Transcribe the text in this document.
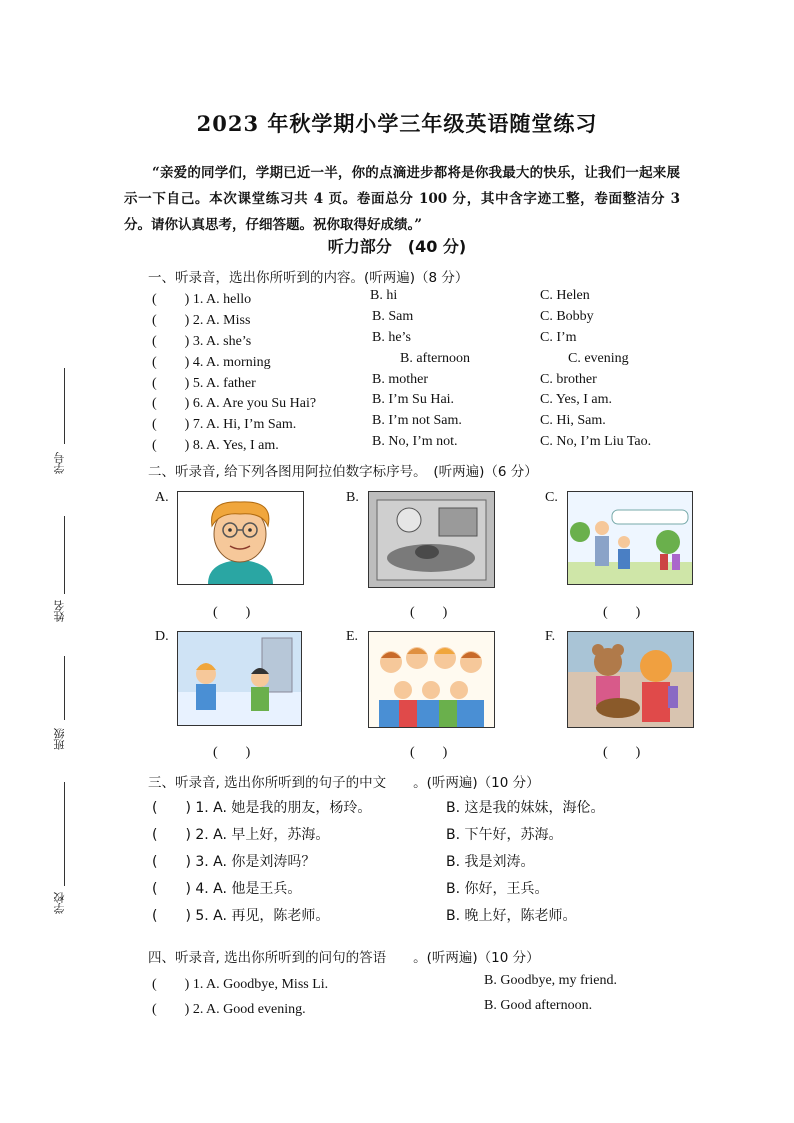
2023 年秋学期小学三年级英语随堂练习
“亲爱的同学们，学期已近一半，你的点滴进步都将是你我最大的快乐，让我们一起来展示一下自己。本次课堂练习共 4 页。卷面总分 100 分，其中含字迹工整，卷面整洁分 3 分。请你认真思考，仔细答题。祝你取得好成绩。”
听力部分　(40 分)
学号
姓名
班级
学校
一、听录音，选出你所听到的内容。(听两遍)（8 分）
(　　) 1. A. hello	B. hi	C. Helen
(　　) 2. A. Miss	B. Sam	C. Bobby
(　　) 3. A. she’s	B. he’s	C. I’m
(　　) 4. A. morning	B. afternoon	C. evening
(　　) 5. A. father	B. mother	C. brother
(　　) 6. A. Are you Su Hai?	B. I’m Su Hai.	C. Yes, I am.
(　　) 7. A. Hi, I’m Sam.	B. I’m not Sam.	C. Hi, Sam.
(　　) 8. A. Yes, I am.	B. No, I’m not.	C. No, I’m Liu Tao.
二、听录音, 给下列各图用阿拉伯数字标序号。　(听两遍)（6 分）
A.
(　　)
B.
(　　)
C.
(　　)
D.
(　　)
E.
(　　)
F.
(　　)
三、听录音, 选出你所听到的句子的中文　　。(听两遍)（10 分）
(　　) 1. A. 她是我的朋友，杨玲。	B. 这是我的妹妹，海伦。
(　　) 2. A. 早上好，苏海。	B. 下午好，苏海。
(　　) 3. A. 你是刘涛吗？	B. 我是刘涛。
(　　) 4. A. 他是王兵。	B. 你好，王兵。
(　　) 5. A. 再见，陈老师。	B. 晚上好，陈老师。
四、听录音, 选出你所听到的问句的答语　　。(听两遍)（10 分）
(　　) 1. A. Goodbye, Miss Li.	B. Goodbye, my friend.
(　　) 2. A. Good evening.	B. Good afternoon.
